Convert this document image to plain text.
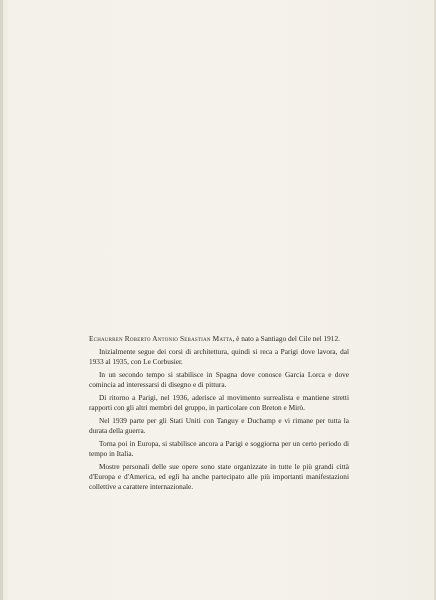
Echaurren Roberto Antonio Sebastian Matta, è nato a Santiago del Cile nel 1912.

Inizialmente segue dei corsi di architettura, quindi si reca a Parigi dove lavora, dal 1933 al 1935, con Le Corbusier.

In un secondo tempo si stabilisce in Spagna dove conosce Garcia Lorca e dove comincia ad interessarsi di disegno e di pittura.

Di ritorno a Parigi, nel 1936, aderisce al movimento surrealista e mantiene stretti rapporti con gli altri membri del gruppo, in particolare con Breton e Mirò.

Nel 1939 parte per gli Stati Uniti con Tanguy e Duchamp e vi rimane per tutta la durata della guerra.

Torna poi in Europa, si stabilisce ancora a Parigi e soggiorna per un certo periodo di tempo in Italia.

Mostre personali delle sue opere sono state organizzate in tutte le più grandi città d'Europa e d'America, ed egli ha anche partecipato alle più importanti manifestazioni collettive a carattere internazionale.
